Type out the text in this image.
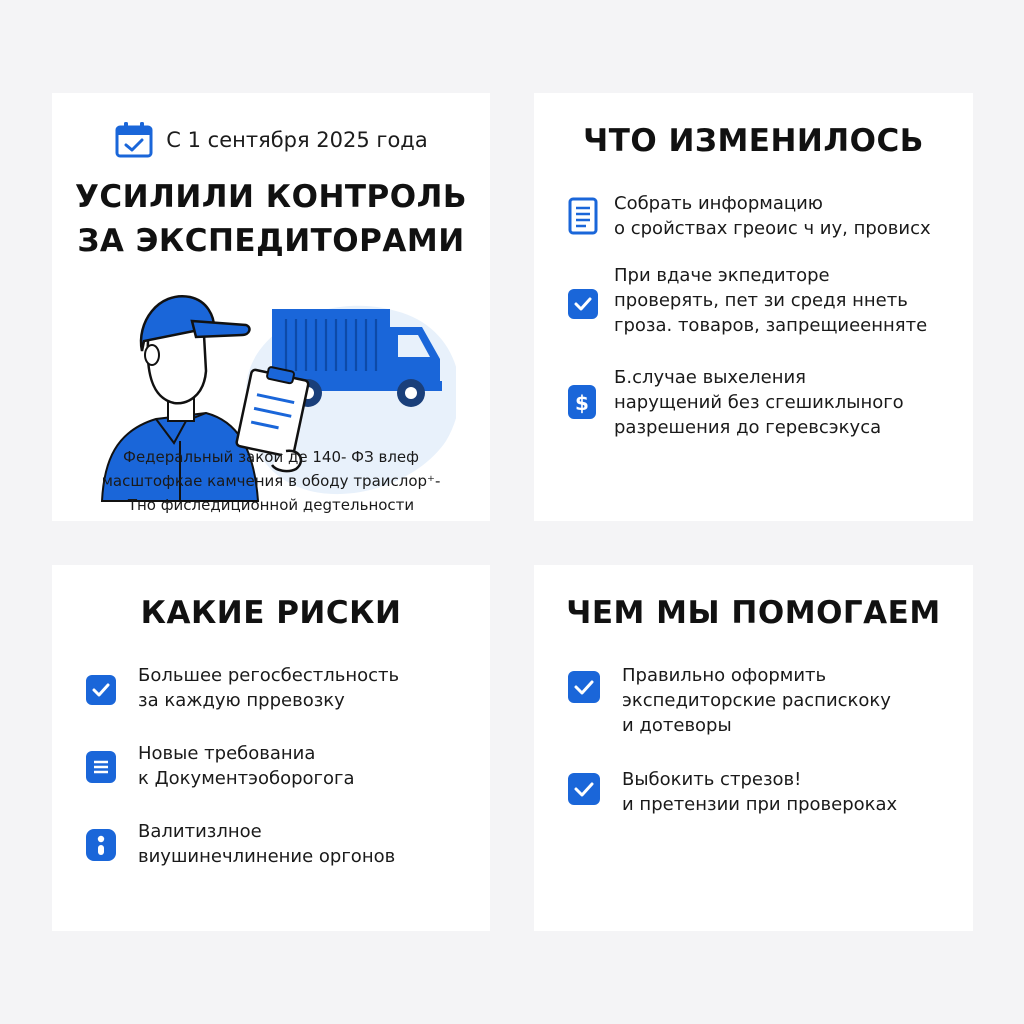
С 1 сентября 2025 года
УСИЛИЛИ КОНТРОЛЬ
ЗА ЭКСПЕДИТОРАМИ
Федеральный закои де 140- ФЗ влеф
масштофкае камчения в ободу траислор⁺-
Тно фиследиционной деgтельности
ЧТО ИЗМЕНИЛОСЬ
Собрать информацию
о сройствах греоис ч иу, провисх
При вдаче экпедиторе
проверять, пет зи средя ннеть
гроза. товаров, запрещиеенняте
$
Б.случае выхеления
нарущений без сгешиклыного
разрешения до геревсэкуса
КАКИЕ РИСКИ
Большее регосбестльность
за каждую прревозку
Новые требованиа
к Документэоборогога
Валитизлное
виушинечлинение оргонов
ЧЕМ МЫ ПОМОГАЕМ
Правильно оформить
экспедиторские распиcкоку
и дотеворы
Выбокить стрезов!
и претензии при провероках
